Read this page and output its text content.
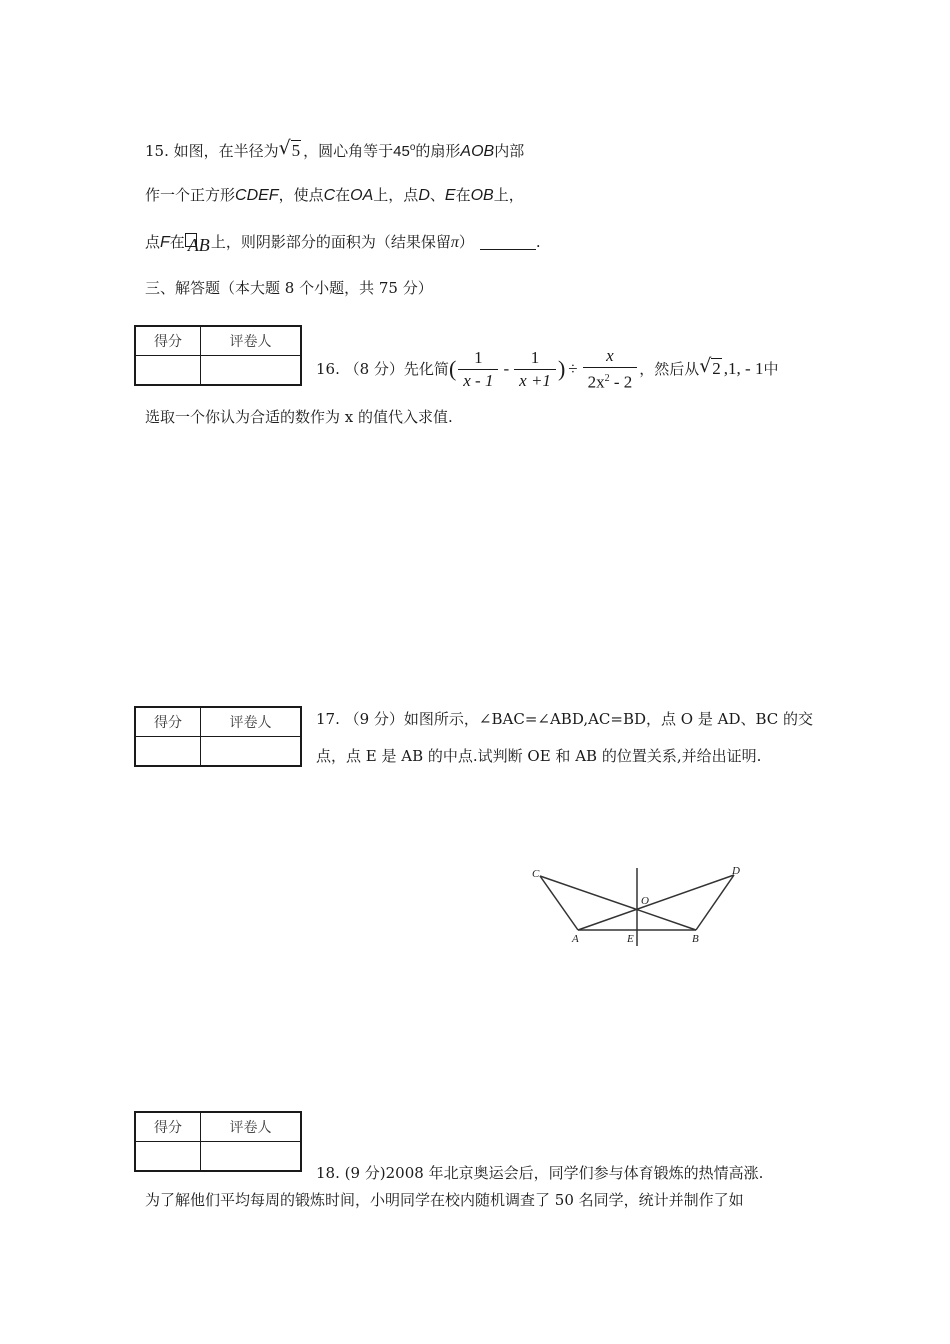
15. 如图，在半径为 √ 5 ，圆心角等于45$^o$的扇形AOB内部
作一个正方形CDEF，使点C在OA上，点D、E在OB上，
点F在 AB 上，则阴影部分的面积为（结果保留π）	.
三、解答题（本大题 8 个小题，共 75 分）
得分	评卷人

16. （8 分）先化简( $\frac{1}{x - 1} - \frac{1}{x +1}$ ) ÷ $\frac{x}{2x^2 - 2}$ ，然后从 √ 2 ,1, - 1中
选取一个你认为合适的数作为 x 的值代入求值.
得分	评卷人
		17. （9 分）如图所示，∠BAC=∠ABD,AC=BD，点 O 是 AD、BC 的交
点，点 E 是 AB 的中点.试判断 OE 和 AB 的位置关系,并给出证明.
C	D
O
A	E	B
得分	评卷人

18. (9 分)2008 年北京奥运会后，同学们参与体育锻炼的热情高涨.
为了解他们平均每周的锻炼时间，小明同学在校内随机调查了 50 名同学，统计并制作了如
